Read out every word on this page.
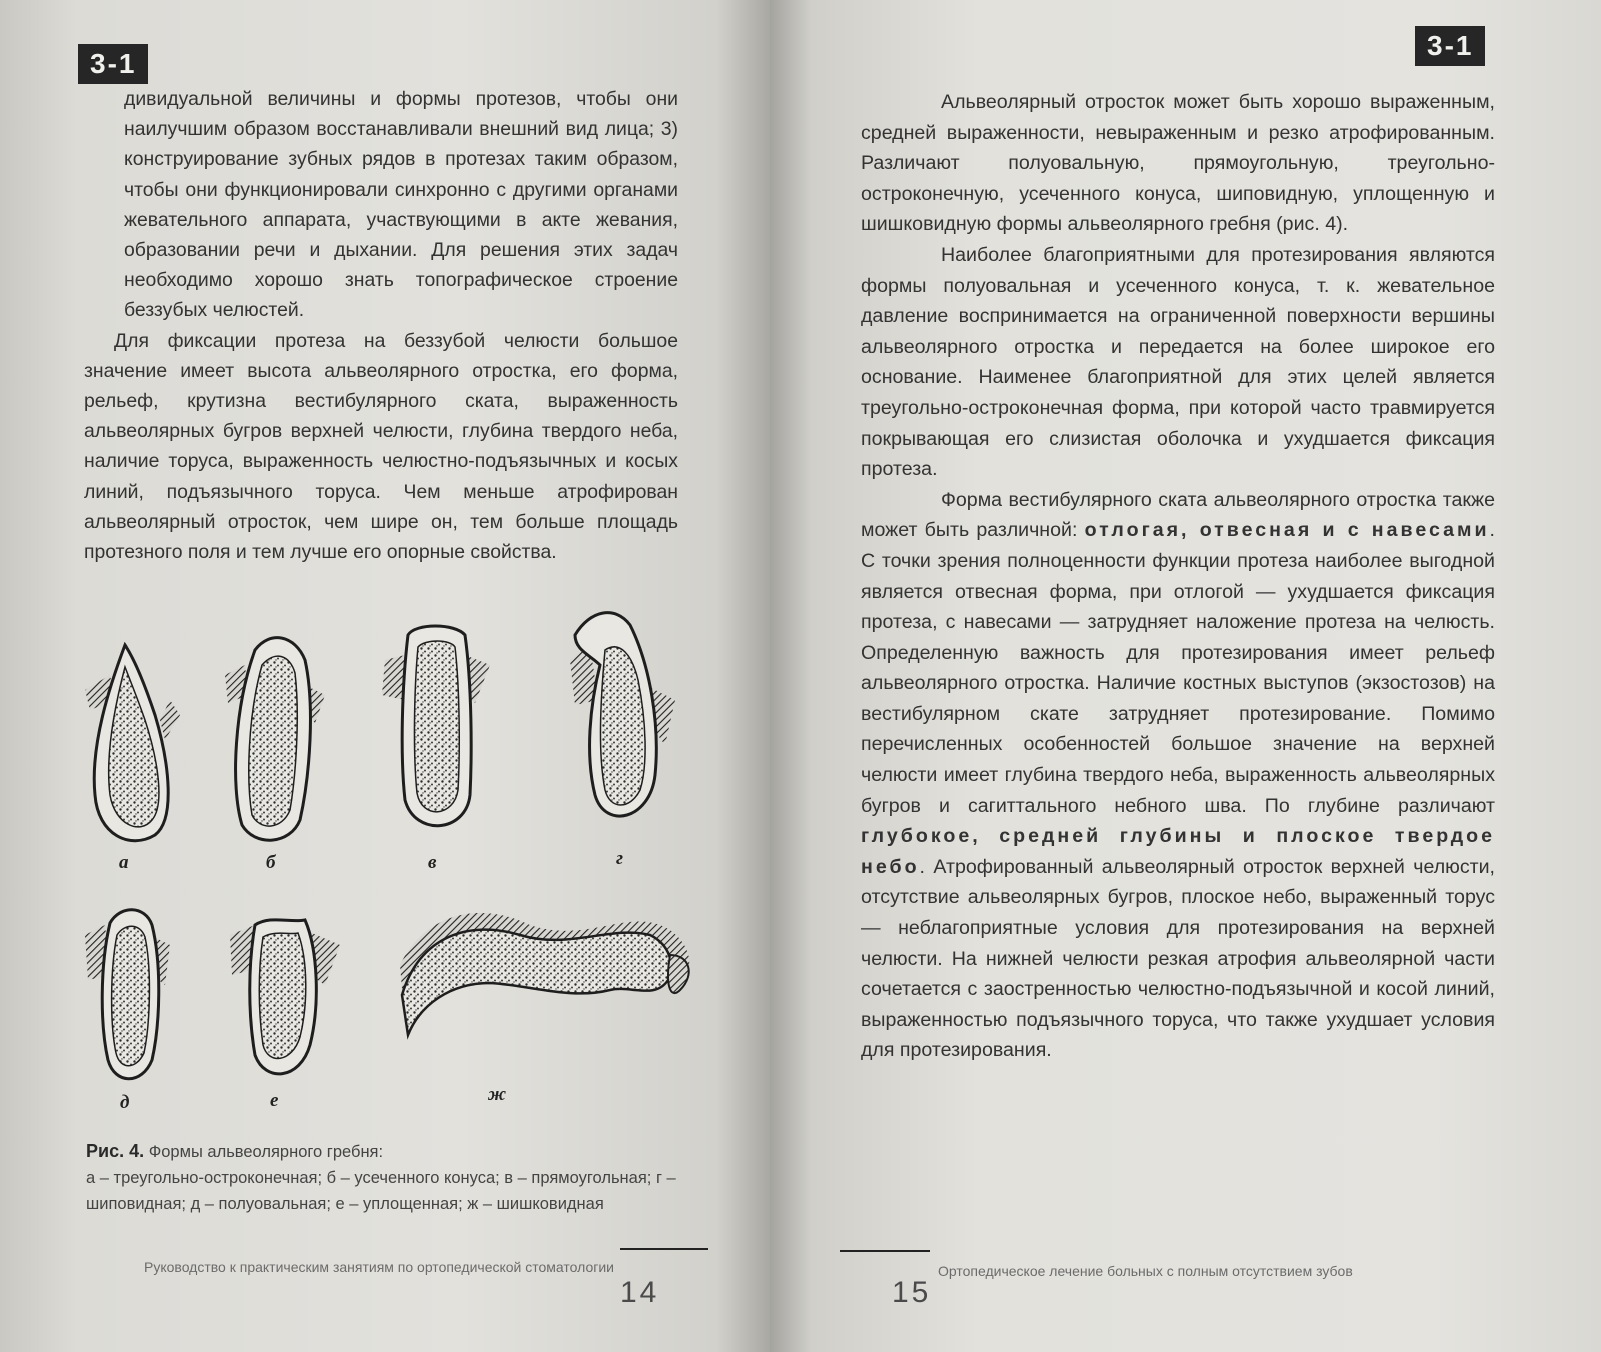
3-1

дивидуальной величины и формы протезов, чтобы они наилучшим образом восстанавливали внешний вид лица; 3) конструирование зубных рядов в протезах таким образом, чтобы они функционировали синхронно с другими органами жевательного аппарата, участвующими в акте жевания, образовании речи и дыхании. Для решения этих задач необходимо хорошо знать топографическое строение беззубых челюстей.

Для фиксации протеза на беззубой челюсти большое значение имеет высота альвеолярного отростка, его форма, рельеф, крутизна вестибулярного ската, выраженность альвеолярных бугров верхней челюсти, глубина твердого неба, наличие торуса, выраженность челюстно-подъязычных и косых линий, подъязычного торуса. Чем меньше атрофирован альвеолярный отросток, чем шире он, тем больше площадь протезного поля и тем лучше его опорные свойства.

а	б	в	г
д	е	ж
Рис. 4. Формы альвеолярного гребня:
а – треугольно-остроконечная; б – усеченного конуса; в – прямоугольная; г – шиповидная; д – полуовальная; е – уплощенная; ж – шишковидная
Руководство к практическим занятиям по ортопедической стоматологии
14
3-1

Альвеолярный отросток может быть хорошо выраженным, средней выраженности, невыраженным и резко атрофированным. Различают полуовальную, прямоугольную, треугольно-остроконечную, усеченного конуса, шиповидную, уплощенную и шишковидную формы альвеолярного гребня (рис. 4).

Наиболее благоприятными для протезирования являются формы полуовальная и усеченного конуса, т. к. жевательное давление воспринимается на ограниченной поверхности вершины альвеолярного отростка и передается на более широкое его основание. Наименее благоприятной для этих целей является треугольно-остроконечная форма, при которой часто травмируется покрывающая его слизистая оболочка и ухудшается фиксация протеза.

Форма вестибулярного ската альвеолярного отростка также может быть различной: отлогая, отвесная и с навесами. С точки зрения полноценности функции протеза наиболее выгодной является отвесная форма, при отлогой — ухудшается фиксация протеза, с навесами — затрудняет наложение протеза на челюсть. Определенную важность для протезирования имеет рельеф альвеолярного отростка. Наличие костных выступов (экзостозов) на вестибулярном скате затрудняет протезирование. Помимо перечисленных особенностей большое значение на верхней челюсти имеет глубина твердого неба, выраженность альвеолярных бугров и сагиттального небного шва. По глубине различают глубокое, средней глубины и плоское твердое небо. Атрофированный альвеолярный отросток верхней челюсти, отсутствие альвеолярных бугров, плоское небо, выраженный торус — неблагоприятные условия для протезирования на верхней челюсти. На нижней челюсти резкая атрофия альвеолярной части сочетается с заостренностью челюстно-подъязычной и косой линий, выраженностью подъязычного торуса, что также ухудшает условия для протезирования.

Ортопедическое лечение больных с полным отсутствием зубов
15
